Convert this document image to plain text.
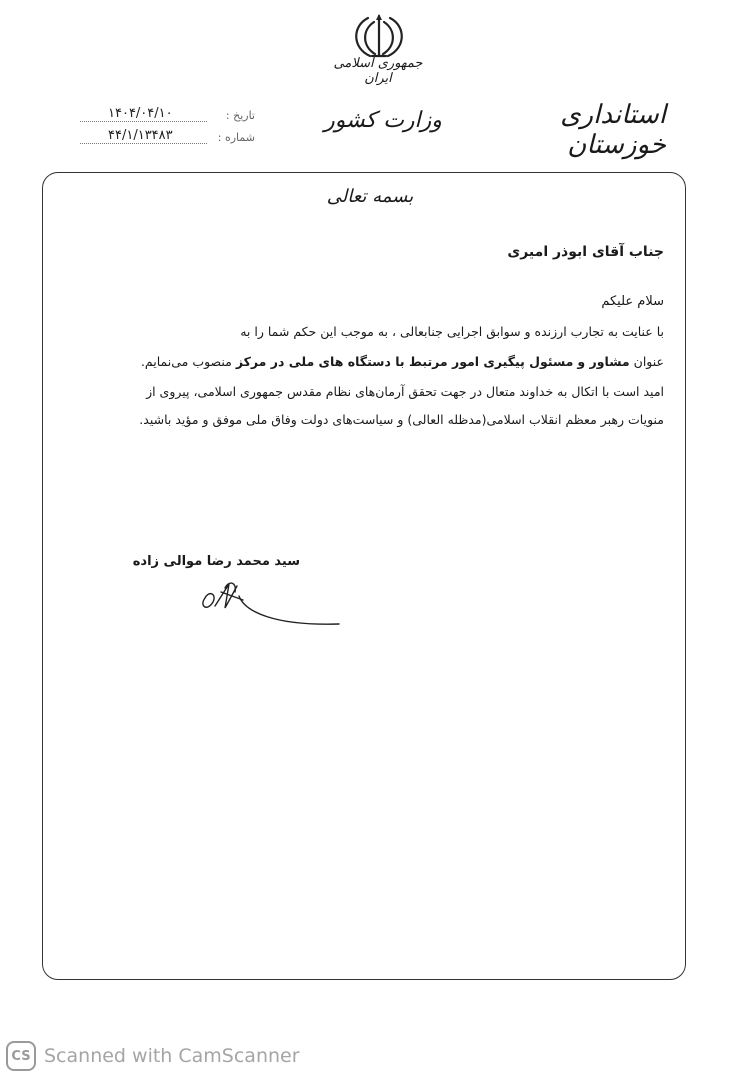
جمهوری اسلامی ایران
وزارت کشور	استانداری خوزستان
تاریخ :
۱۴۰۴/۰۴/۱۰
شماره :
۴۴/۱/۱۳۴۸۳
بسمه تعالی
جناب آقای ابوذر امیری
سلام علیکم
با عنایت به تجارب ارزنده و سوابق اجرایی جنابعالی ، به موجب این حکم شما را به
عنوان مشاور و مسئول پیگیری امور مرتبط با دستگاه های ملی در مرکز منصوب می‌نمایم.
امید است با اتکال به خداوند متعال در جهت تحقق آرمان‌های نظام مقدس جمهوری اسلامی، پیروی از
منویات رهبر معظم انقلاب اسلامی(مدظله العالی) و سیاست‌های دولت وفاق ملی موفق و مؤید باشید.
سید محمد رضا موالی زاده
CS Scanned with CamScanner
